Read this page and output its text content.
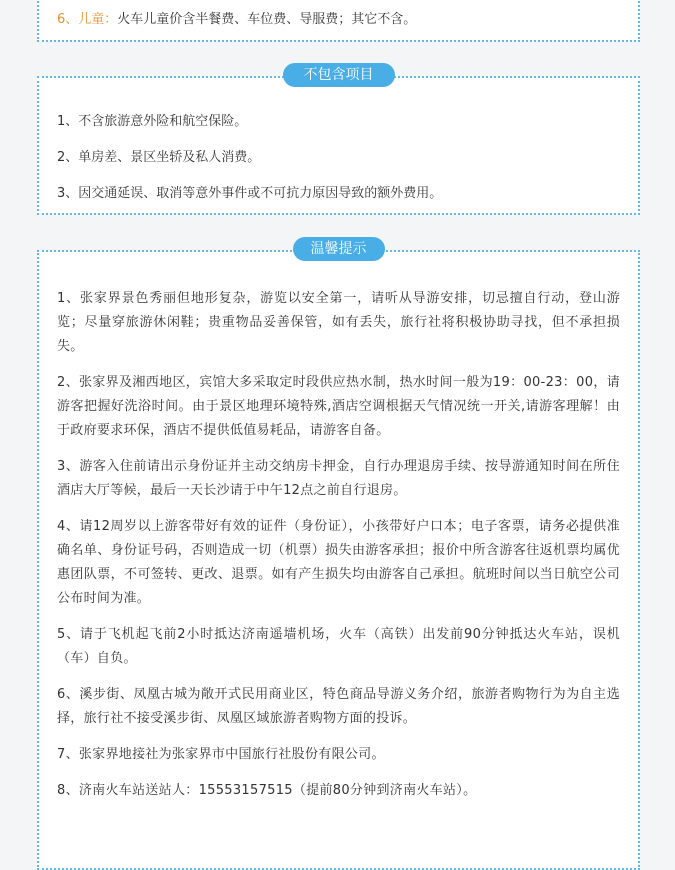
6、儿童：火车儿童价含半餐费、车位费、导服费；其它不含。
不包含项目
1、不含旅游意外险和航空保险。
2、单房差、景区坐轿及私人消费。
3、因交通延误、取消等意外事件或不可抗力原因导致的额外费用。
温馨提示
1、张家界景色秀丽但地形复杂，游览以安全第一，请听从导游安排，切忌擅自行动，登山游览；尽量穿旅游休闲鞋；贵重物品妥善保管，如有丢失，旅行社将积极协助寻找，但不承担损失。
2、张家界及湘西地区，宾馆大多采取定时段供应热水制，热水时间一般为19：00-23：00，请游客把握好洗浴时间。由于景区地理环境特殊,酒店空调根据天气情况统一开关,请游客理解！由于政府要求环保，酒店不提供低值易耗品，请游客自备。
3、游客入住前请出示身份证并主动交纳房卡押金，自行办理退房手续、按导游通知时间在所住酒店大厅等候，最后一天长沙请于中午12点之前自行退房。
4、请12周岁以上游客带好有效的证件（身份证），小孩带好户口本；电子客票，请务必提供准确名单、身份证号码，否则造成一切（机票）损失由游客承担；报价中所含游客往返机票均属优惠团队票，不可签转、更改、退票。如有产生损失均由游客自己承担。航班时间以当日航空公司公布时间为准。
5、请于飞机起飞前2小时抵达济南遥墙机场，火车（高铁）出发前90分钟抵达火车站，误机（车）自负。
6、溪步街、凤凰古城为敞开式民用商业区，特色商品导游义务介绍，旅游者购物行为为自主选择，旅行社不接受溪步街、凤凰区域旅游者购物方面的投诉。
7、张家界地接社为张家界市中国旅行社股份有限公司。
8、济南火车站送站人：15553157515（提前80分钟到济南火车站）。
